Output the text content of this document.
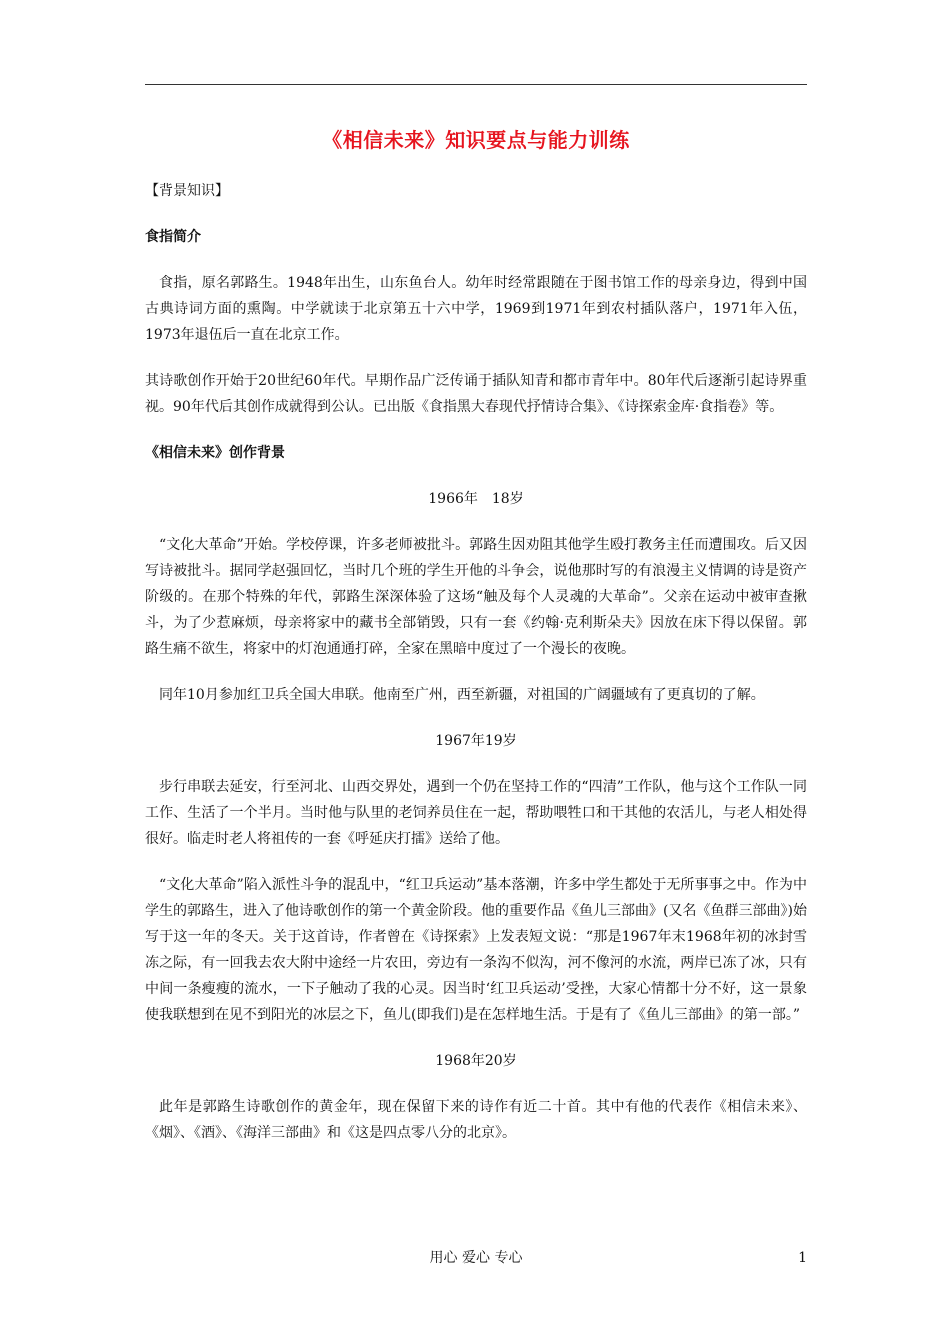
《相信未来》知识要点与能力训练

【背景知识】

食指简介

食指，原名郭路生。1948年出生，山东鱼台人。幼年时经常跟随在于图书馆工作的母亲身边，得到中国古典诗词方面的熏陶。中学就读于北京第五十六中学，1969到1971年到农村插队落户，1971年入伍，1973年退伍后一直在北京工作。

其诗歌创作开始于20世纪60年代。早期作品广泛传诵于插队知青和都市青年中。80年代后逐渐引起诗界重视。90年代后其创作成就得到公认。已出版《食指黑大春现代抒情诗合集》、《诗探索金库·食指卷》等。

《相信未来》创作背景

1966年　18岁

“文化大革命”开始。学校停课，许多老师被批斗。郭路生因劝阻其他学生殴打教务主任而遭围攻。后又因写诗被批斗。据同学赵强回忆，当时几个班的学生开他的斗争会，说他那时写的有浪漫主义情调的诗是资产阶级的。在那个特殊的年代，郭路生深深体验了这场“触及每个人灵魂的大革命”。父亲在运动中被审查揪斗，为了少惹麻烦，母亲将家中的藏书全部销毁，只有一套《约翰·克利斯朵夫》因放在床下得以保留。郭路生痛不欲生，将家中的灯泡通通打碎，全家在黑暗中度过了一个漫长的夜晚。

同年10月参加红卫兵全国大串联。他南至广州，西至新疆，对祖国的广阔疆域有了更真切的了解。

1967年19岁

步行串联去延安，行至河北、山西交界处，遇到一个仍在坚持工作的“四清”工作队，他与这个工作队一同工作、生活了一个半月。当时他与队里的老饲养员住在一起，帮助喂牲口和干其他的农活儿，与老人相处得很好。临走时老人将祖传的一套《呼延庆打擂》送给了他。

“文化大革命”陷入派性斗争的混乱中，“红卫兵运动”基本落潮，许多中学生都处于无所事事之中。作为中学生的郭路生，进入了他诗歌创作的第一个黄金阶段。他的重要作品《鱼儿三部曲》(又名《鱼群三部曲》)始写于这一年的冬天。关于这首诗，作者曾在《诗探索》上发表短文说：“那是1967年末1968年初的冰封雪冻之际，有一回我去农大附中途经一片农田，旁边有一条沟不似沟，河不像河的水流，两岸已冻了冰，只有中间一条瘦瘦的流水，一下子触动了我的心灵。因当时‘红卫兵运动’受挫，大家心情都十分不好，这一景象使我联想到在见不到阳光的冰层之下，鱼儿(即我们)是在怎样地生活。于是有了《鱼儿三部曲》的第一部。”

1968年20岁

此年是郭路生诗歌创作的黄金年，现在保留下来的诗作有近二十首。其中有他的代表作《相信未来》、《烟》、《酒》、《海洋三部曲》和《这是四点零八分的北京》。

用心 爱心 专心	1
